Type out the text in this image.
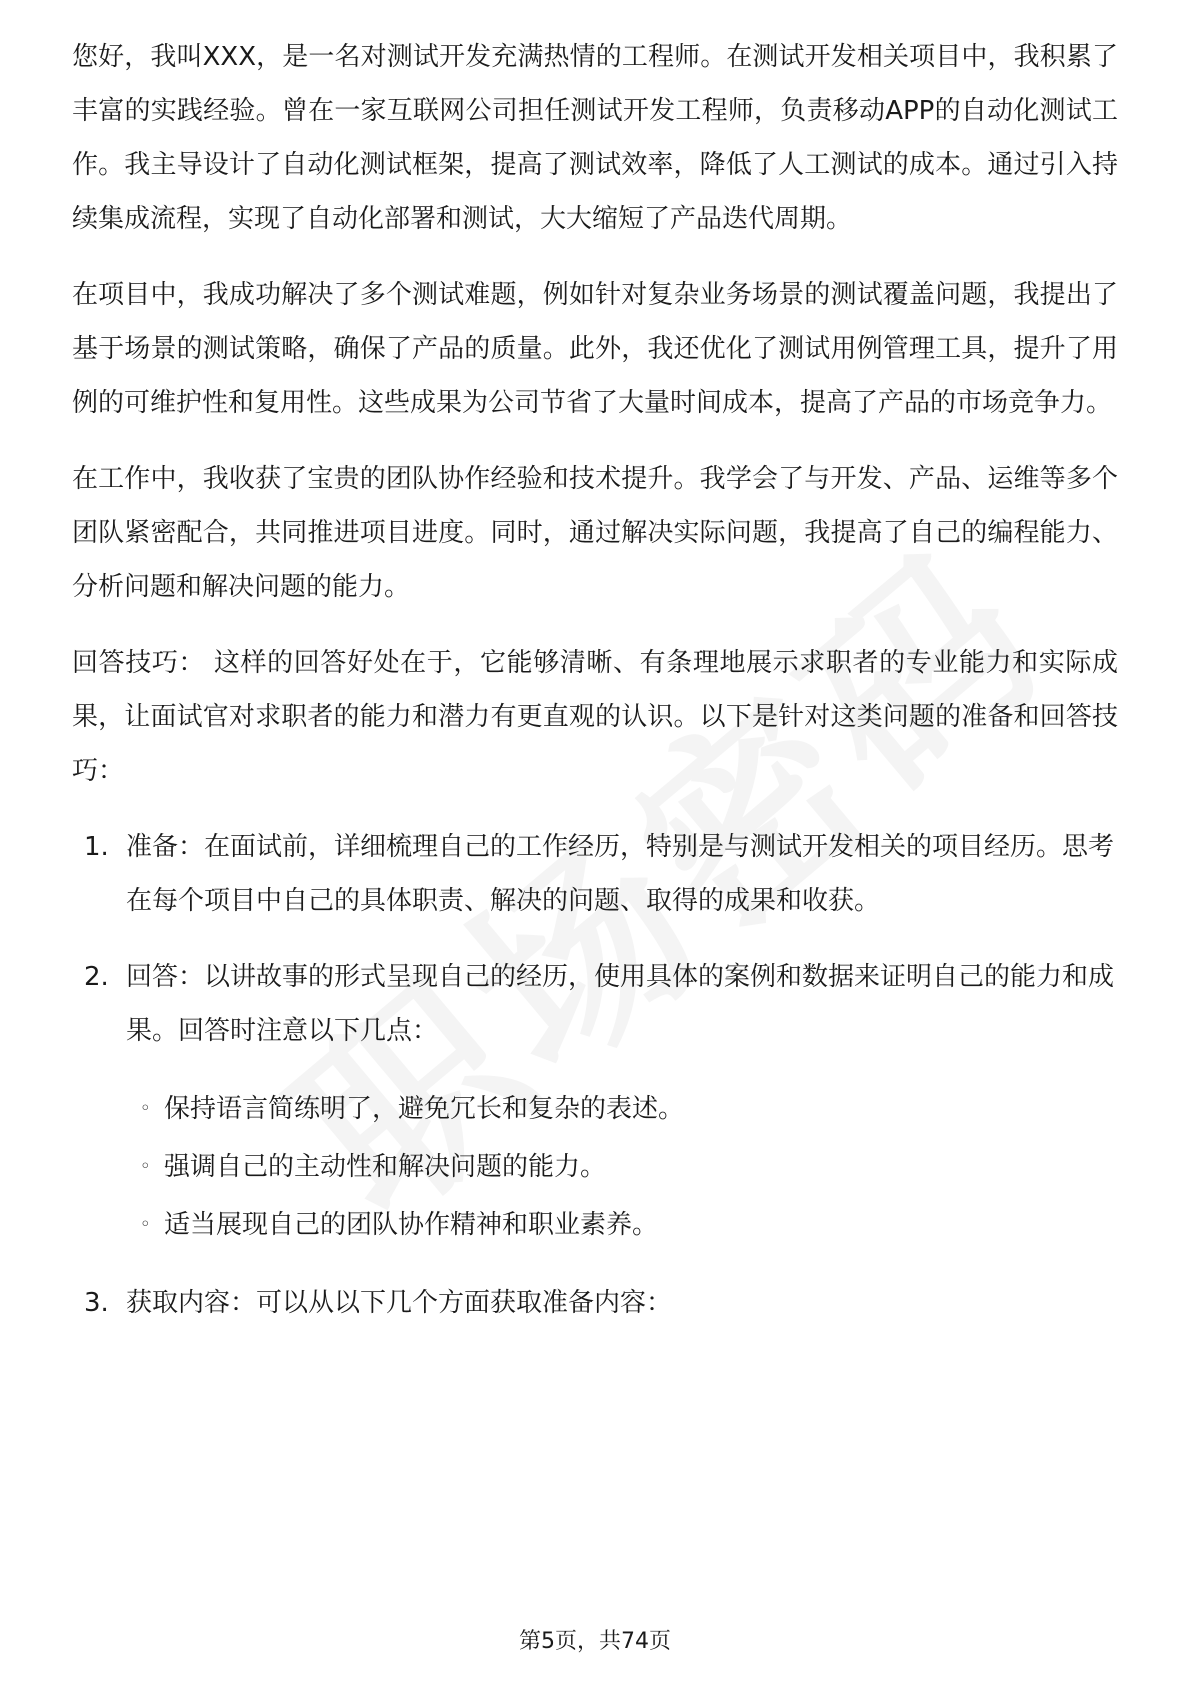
您好，我叫XXX，是一名对测试开发充满热情的工程师。在测试开发相关项目中，我积累了丰富的实践经验。曾在一家互联网公司担任测试开发工程师，负责移动APP的自动化测试工作。我主导设计了自动化测试框架，提高了测试效率，降低了人工测试的成本。通过引入持续集成流程，实现了自动化部署和测试，大大缩短了产品迭代周期。

在项目中，我成功解决了多个测试难题，例如针对复杂业务场景的测试覆盖问题，我提出了基于场景的测试策略，确保了产品的质量。此外，我还优化了测试用例管理工具，提升了用例的可维护性和复用性。这些成果为公司节省了大量时间成本，提高了产品的市场竞争力。

在工作中，我收获了宝贵的团队协作经验和技术提升。我学会了与开发、产品、运维等多个团队紧密配合，共同推进项目进度。同时，通过解决实际问题，我提高了自己的编程能力、分析问题和解决问题的能力。

回答技巧： 这样的回答好处在于，它能够清晰、有条理地展示求职者的专业能力和实际成果，让面试官对求职者的能力和潜力有更直观的认识。以下是针对这类问题的准备和回答技巧：

1. 准备：在面试前，详细梳理自己的工作经历，特别是与测试开发相关的项目经历。思考在每个项目中自己的具体职责、解决的问题、取得的成果和收获。
2. 回答：以讲故事的形式呈现自己的经历，使用具体的案例和数据来证明自己的能力和成果。回答时注意以下几点：
◦ 保持语言简练明了，避免冗长和复杂的表述。
◦ 强调自己的主动性和解决问题的能力。
◦ 适当展现自己的团队协作精神和职业素养。
3. 获取内容：可以从以下几个方面获取准备内容：
第5页，共74页
